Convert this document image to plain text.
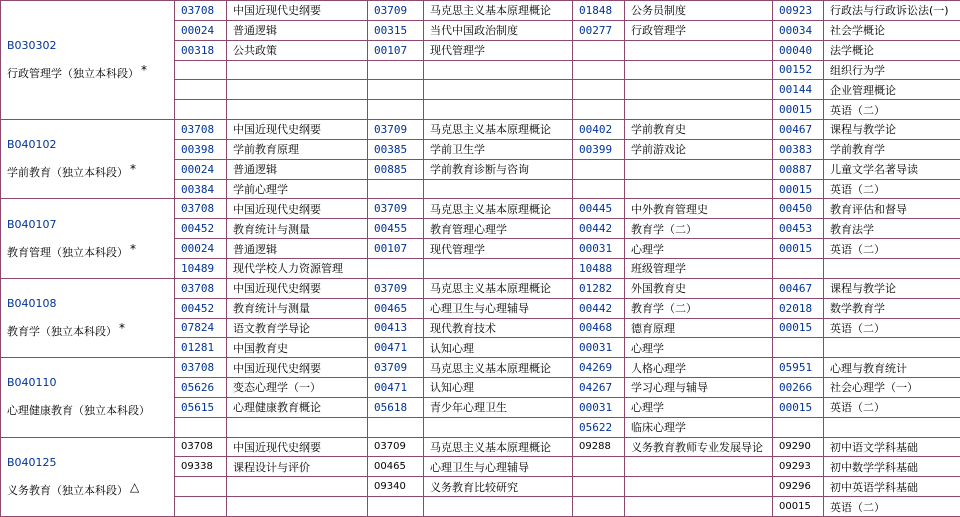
B030302
行政管理学（独立本科段） *	03708	中国近现代史纲要	03709	马克思主义基本原理概论	01848	公务员制度	00923	行政法与行政诉讼法(一)
	00024	普通逻辑	00315	当代中国政治制度	00277	行政管理学	00034	社会学概论
	00318	公共政策	00107	现代管理学			00040	法学概论
							00152	组织行为学
							00144	企业管理概论
							00015	英语（二）

B040102
学前教育（独立本科段） *	03708	中国近现代史纲要	03709	马克思主义基本原理概论	00402	学前教育史	00467	课程与教学论
	00398	学前教育原理	00385	学前卫生学	00399	学前游戏论	00383	学前教育学
	00024	普通逻辑	00885	学前教育诊断与咨询			00887	儿童文学名著导读
	00384	学前心理学					00015	英语（二）

B040107
教育管理（独立本科段） *	03708	中国近现代史纲要	03709	马克思主义基本原理概论	00445	中外教育管理史	00450	教育评估和督导
	00452	教育统计与测量	00455	教育管理心理学	00442	教育学（二）	00453	教育法学
	00024	普通逻辑	00107	现代管理学	00031	心理学	00015	英语（二）
	10489	现代学校人力资源管理			10488	班级管理学		

B040108
教育学（独立本科段） *	03708	中国近现代史纲要	03709	马克思主义基本原理概论	01282	外国教育史	00467	课程与教学论
	00452	教育统计与测量	00465	心理卫生与心理辅导	00442	教育学（二）	02018	数学教育学
	07824	语文教育学导论	00413	现代教育技术	00468	德育原理	00015	英语（二）
	01281	中国教育史	00471	认知心理	00031	心理学		

B040110
心理健康教育（独立本科段）	03708	中国近现代史纲要	03709	马克思主义基本原理概论	04269	人格心理学	05951	心理与教育统计
	05626	变态心理学（一）	00471	认知心理	04267	学习心理与辅导	00266	社会心理学（一）
	05615	心理健康教育概论	05618	青少年心理卫生	00031	心理学	00015	英语（二）
					05622	临床心理学		

B040125
义务教育（独立本科段） △	03708	中国近现代史纲要	03709	马克思主义基本原理概论	09288	义务教育教师专业发展导论	09290	初中语文学科基础
	09338	课程设计与评价	00465	心理卫生与心理辅导			09293	初中数学学科基础
			09340	义务教育比较研究			09296	初中英语学科基础
							00015	英语（二）
